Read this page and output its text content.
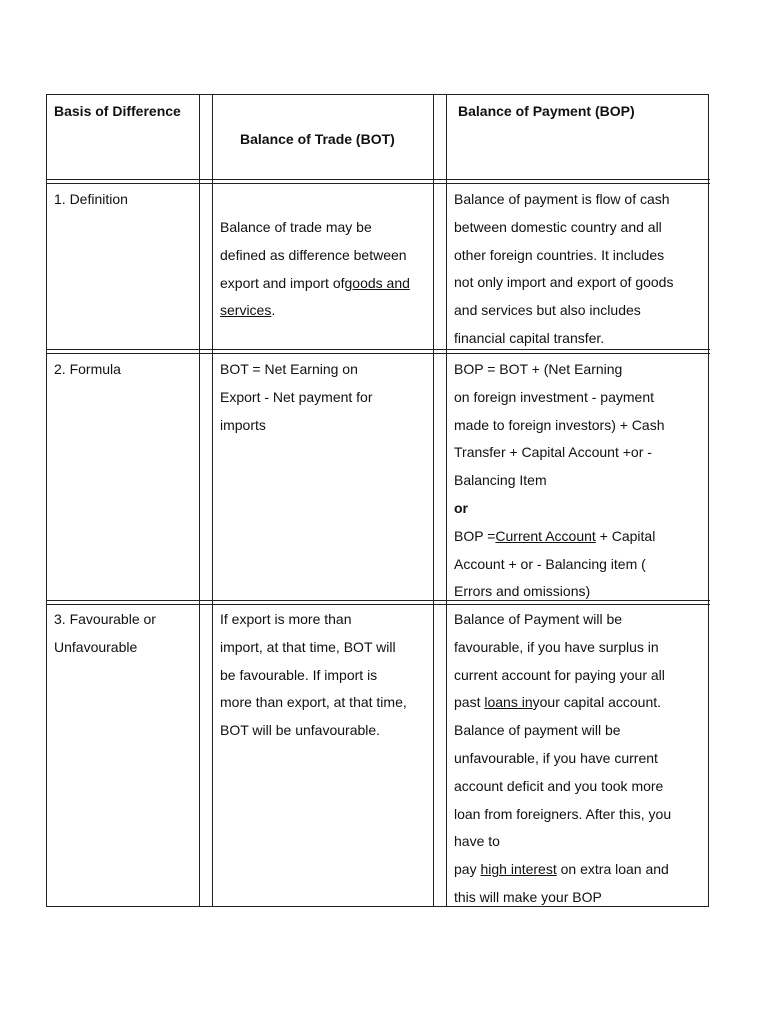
Basis of Difference
Balance of Trade (BOT)
Balance of Payment (BOP)
1. Definition
Balance of trade may be
defined as difference between
export and import ofgoods and
services.
Balance of payment is flow of cash
between domestic country and all
other foreign countries. It includes
not only import and export of goods
and services but also includes
financial capital transfer.
2. Formula	BOT = Net Earning on
Export - Net payment for
imports
BOP = BOT + (Net Earning
on foreign investment - payment
made to foreign investors) + Cash
Transfer + Capital Account +or -
Balancing Item
or
BOP =Current Account + Capital
Account + or - Balancing item (
Errors and omissions)
3. Favourable or
Unfavourable
If export is more than
import, at that time, BOT will
be favourable. If import is
more than export, at that time,
BOT will be unfavourable.
Balance of Payment will be
favourable, if you have surplus in
current account for paying your all
past loans inyour capital account.
Balance of payment will be
unfavourable, if you have current
account deficit and you took more
loan from foreigners. After this, you
have to
pay high interest on extra loan and
this will make your BOP
